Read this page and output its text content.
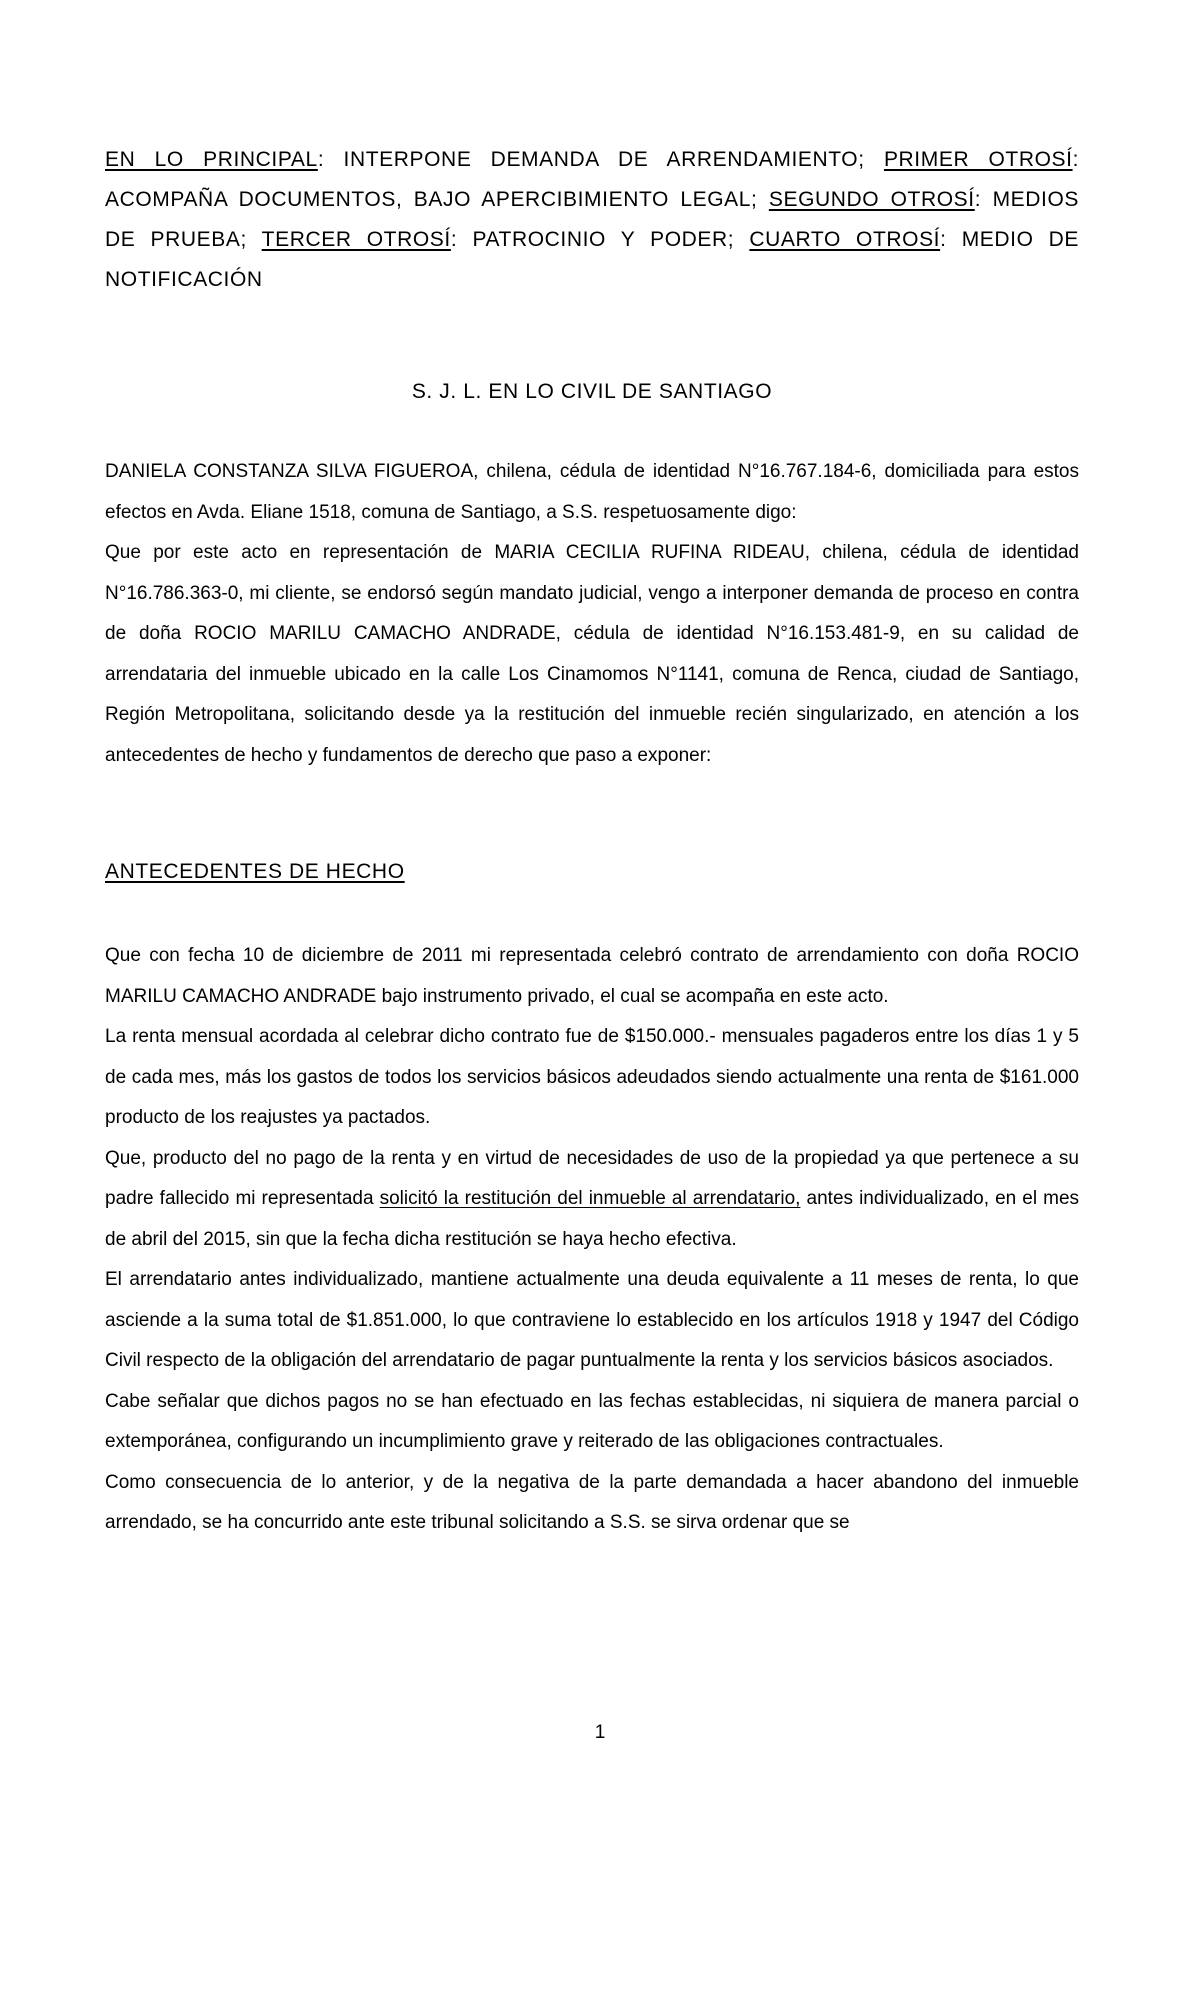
EN LO PRINCIPAL: INTERPONE DEMANDA DE ARRENDAMIENTO; PRIMER OTROSÍ: ACOMPAÑA DOCUMENTOS, BAJO APERCIBIMIENTO LEGAL; SEGUNDO OTROSÍ: MEDIOS DE PRUEBA; TERCER OTROSÍ: PATROCINIO Y PODER; CUARTO OTROSÍ: MEDIO DE NOTIFICACIÓN

S. J. L. EN LO CIVIL DE SANTIAGO

DANIELA CONSTANZA SILVA FIGUEROA, chilena, cédula de identidad N°16.767.184-6, domiciliada para estos efectos en Avda. Eliane 1518, comuna de Santiago, a S.S. respetuosamente digo:

Que por este acto en representación de MARIA CECILIA RUFINA RIDEAU, chilena, cédula de identidad N°16.786.363-0, mi cliente, se endorsó según mandato judicial, vengo a interponer demanda de proceso en contra de doña ROCIO MARILU CAMACHO ANDRADE, cédula de identidad N°16.153.481-9, en su calidad de arrendataria del inmueble ubicado en la calle Los Cinamomos N°1141, comuna de Renca, ciudad de Santiago, Región Metropolitana, solicitando desde ya la restitución del inmueble recién singularizado, en atención a los antecedentes de hecho y fundamentos de derecho que paso a exponer:

ANTECEDENTES DE HECHO

Que con fecha 10 de diciembre de 2011 mi representada celebró contrato de arrendamiento con doña ROCIO MARILU CAMACHO ANDRADE bajo instrumento privado, el cual se acompaña en este acto.

La renta mensual acordada al celebrar dicho contrato fue de $150.000.- mensuales pagaderos entre los días 1 y 5 de cada mes, más los gastos de todos los servicios básicos adeudados siendo actualmente una renta de $161.000 producto de los reajustes ya pactados.

Que, producto del no pago de la renta y en virtud de necesidades de uso de la propiedad ya que pertenece a su padre fallecido mi representada solicitó la restitución del inmueble al arrendatario, antes individualizado, en el mes de abril del 2015, sin que la fecha dicha restitución se haya hecho efectiva.

El arrendatario antes individualizado, mantiene actualmente una deuda equivalente a 11 meses de renta, lo que asciende a la suma total de $1.851.000, lo que contraviene lo establecido en los artículos 1918 y 1947 del Código Civil respecto de la obligación del arrendatario de pagar puntualmente la renta y los servicios básicos asociados.

Cabe señalar que dichos pagos no se han efectuado en las fechas establecidas, ni siquiera de manera parcial o extemporánea, configurando un incumplimiento grave y reiterado de las obligaciones contractuales.

Como consecuencia de lo anterior, y de la negativa de la parte demandada a hacer abandono del inmueble arrendado, se ha concurrido ante este tribunal solicitando a S.S. se sirva ordenar que se

1
